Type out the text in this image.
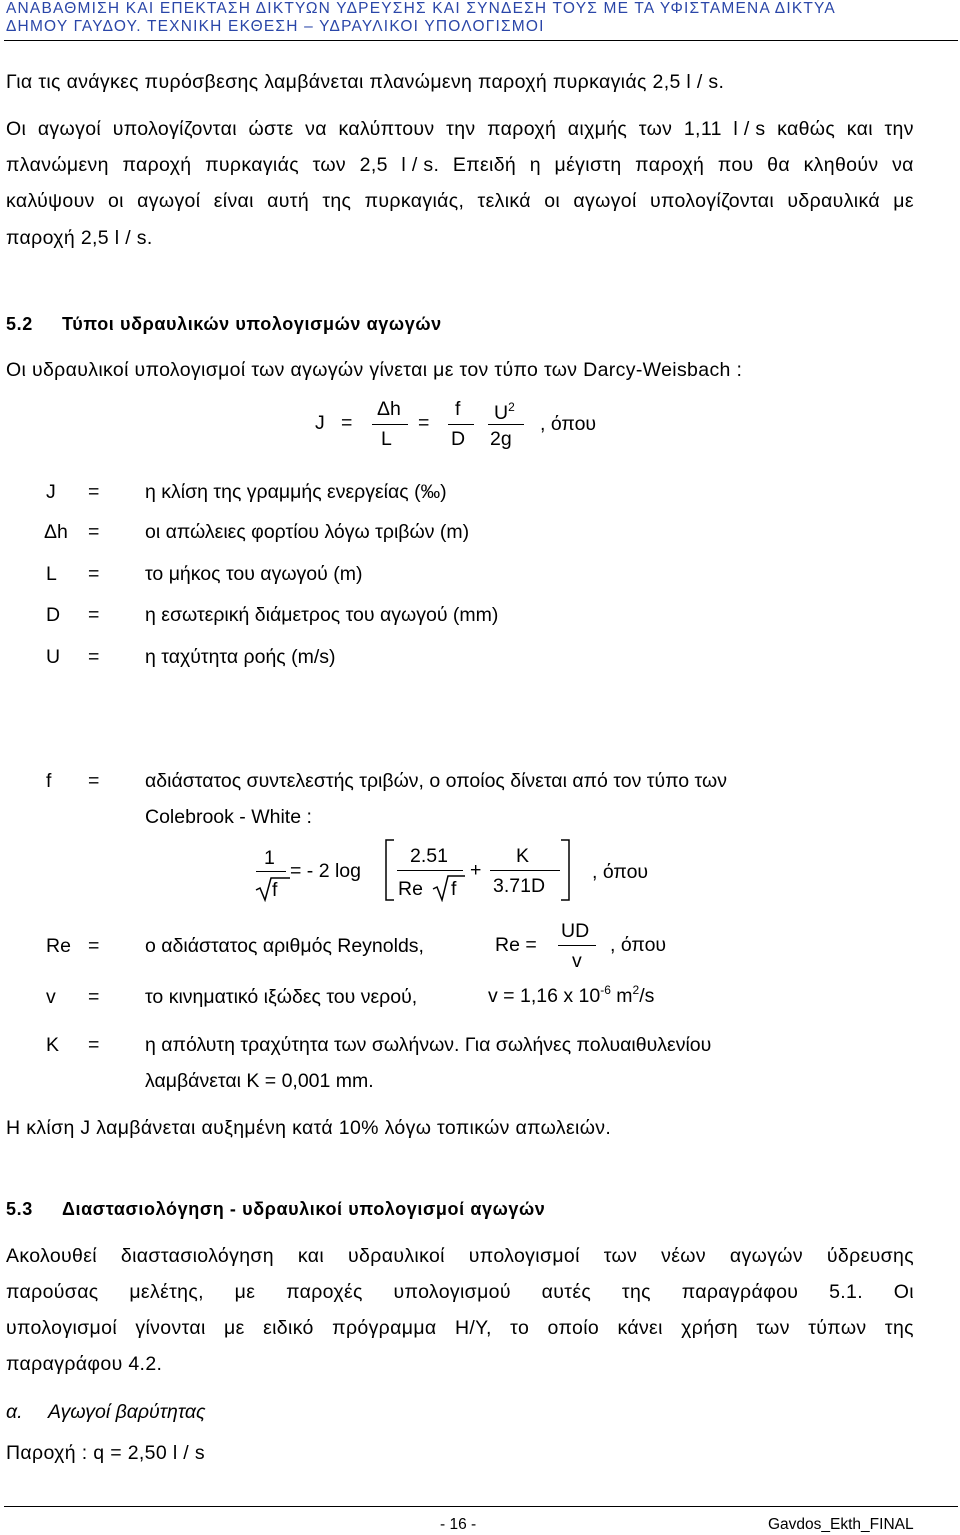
ΑΝΑΒΑΘΜΙΣΗ ΚΑΙ ΕΠΕΚΤΑΣΗ ΔΙΚΤΥΩΝ ΥΔΡΕΥΣΗΣ ΚΑΙ ΣΥΝΔΕΣΗ ΤΟΥΣ ΜΕ ΤΑ ΥΦΙΣΤΑΜΕΝΑ ΔΙΚΤΥΑ
ΔΗΜΟΥ ΓΑΥΔΟΥ. ΤΕΧΝΙΚΗ ΕΚΘΕΣΗ – ΥΔΡΑΥΛΙΚΟΙ ΥΠΟΛΟΓΙΣΜΟΙ
Για τις ανάγκες πυρόσβεσης λαμβάνεται πλανώμενη παροχή πυρκαγιάς 2,5 l / s.
Οι αγωγοί υπολογίζονται ώστε να καλύπτουν την παροχή αιχμής των 1,11 l / s καθώς και την
πλανώμενη παροχή πυρκαγιάς των 2,5 l / s. Επειδή η μέγιστη παροχή που θα κληθούν να
καλύψουν οι αγωγοί είναι αυτή της πυρκαγιάς, τελικά οι αγωγοί υπολογίζονται υδραυλικά με
παροχή 2,5 l / s.
5.2 Τύποι υδραυλικών υπολογισμών αγωγών
Οι υδραυλικοί υπολογισμοί των αγωγών γίνεται με τον τύπο των Darcy-Weisbach :
J =
Δh
L
=
f
D
$U^2$
2g
, όπου
J = η κλίση της γραμμής ενεργείας (‰)
Δh = οι απώλειες φορτίου λόγω τριβών (m)
L = το μήκος του αγωγού (m)
D = η εσωτερική διάμετρος του αγωγού (mm)
U = η ταχύτητα ροής (m/s)
f = αδιάστατος συντελεστής τριβών, ο οποίος δίνεται από τον τύπο των
Colebrook - White :
1
f
= - 2 log
2.51
Re f
+
K
3.71D
, όπου
Re = ο αδιάστατος αριθμός Reynolds,	Re =
UD
v
, όπου
v = το κινηματικό ιξώδες του νερού,	v = 1,16 x $10^{-6}$ $m^2/s$
K = η απόλυτη τραχύτητα των σωλήνων. Για σωλήνες πολυαιθυλενίου
λαμβάνεται K = 0,001 mm.
Η κλίση J λαμβάνεται αυξημένη κατά 10% λόγω τοπικών απωλειών.
5.3 Διαστασιολόγηση - υδραυλικοί υπολογισμοί αγωγών
Ακολουθεί διαστασιολόγηση και υδραυλικοί υπολογισμοί των νέων αγωγών ύδρευσης
παρούσας μελέτης, με παροχές υπολογισμού αυτές της παραγράφου 5.1. Οι
υπολογισμοί γίνονται με ειδικό πρόγραμμα Η/Υ, το οποίο κάνει χρήση των τύπων της
παραγράφου 4.2.
α. Αγωγοί βαρύτητας
Παροχή : q = 2,50 l / s
- 16 -	Gavdos_Ekth_FINAL
